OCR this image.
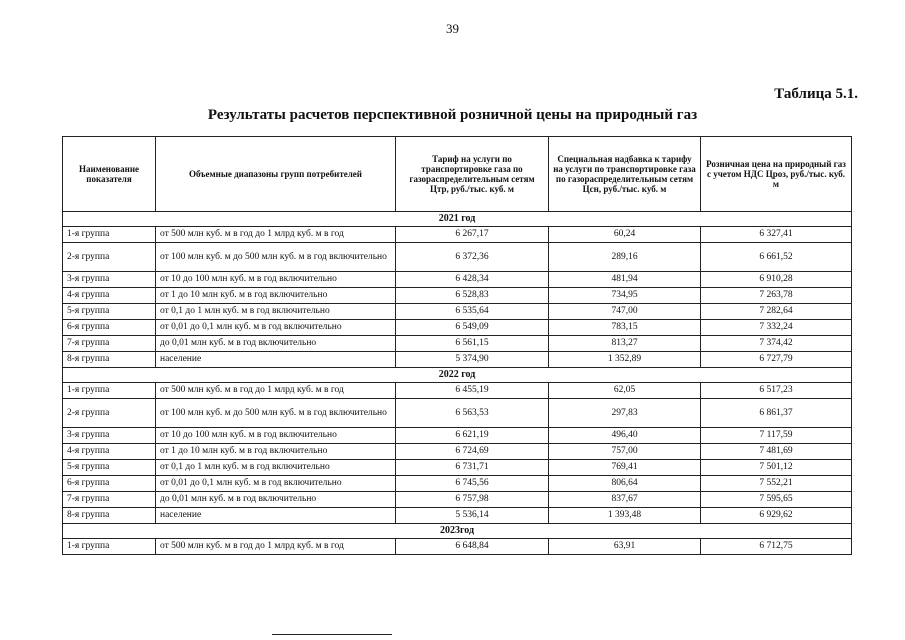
39
Таблица 5.1.
Результаты расчетов перспективной розничной цены на природный газ
Наименование показателя	Объемные диапазоны групп потребителей	Тариф на услуги по транспортировке газа по газораспределительным сетям Цтр, руб./тыс. куб. м	Специальная надбавка к тарифу на услуги по транспортировке газа по газораспределительным сетям Цсн, руб./тыс. куб. м	Розничная цена на природный газ с учетом НДС Цроз, руб./тыс. куб. м
2021 год				
1-я группа	от 500 млн куб. м в год до 1 млрд куб. м в год	6 267,17	60,24	6 327,41
2-я группа	от 100 млн куб. м до 500 млн куб. м в год включительно	6 372,36	289,16	6 661,52
3-я группа	от 10 до 100 млн куб. м в год включительно	6 428,34	481,94	6 910,28
4-я группа	от 1 до 10 млн куб. м в год включительно	6 528,83	734,95	7 263,78
5-я группа	от 0,1 до 1 млн куб. м в год включительно	6 535,64	747,00	7 282,64
6-я группа	от 0,01 до 0,1 млн куб. м в год включительно	6 549,09	783,15	7 332,24
7-я группа	до 0,01 млн куб. м в год включительно	6 561,15	813,27	7 374,42
8-я группа	население	5 374,90	1 352,89	6 727,79
2022 год				
1-я группа	от 500 млн куб. м в год до 1 млрд куб. м в год	6 455,19	62,05	6 517,23
2-я группа	от 100 млн куб. м до 500 млн куб. м в год включительно	6 563,53	297,83	6 861,37
3-я группа	от 10 до 100 млн куб. м в год включительно	6 621,19	496,40	7 117,59
4-я группа	от 1 до 10 млн куб. м в год включительно	6 724,69	757,00	7 481,69
5-я группа	от 0,1 до 1 млн куб. м в год включительно	6 731,71	769,41	7 501,12
6-я группа	от 0,01 до 0,1 млн куб. м в год включительно	6 745,56	806,64	7 552,21
7-я группа	до 0,01 млн куб. м в год включительно	6 757,98	837,67	7 595,65
8-я группа	население	5 536,14	1 393,48	6 929,62
2023год				
1-я группа	от 500 млн куб. м в год до 1 млрд куб. м в год	6 648,84	63,91	6 712,75
